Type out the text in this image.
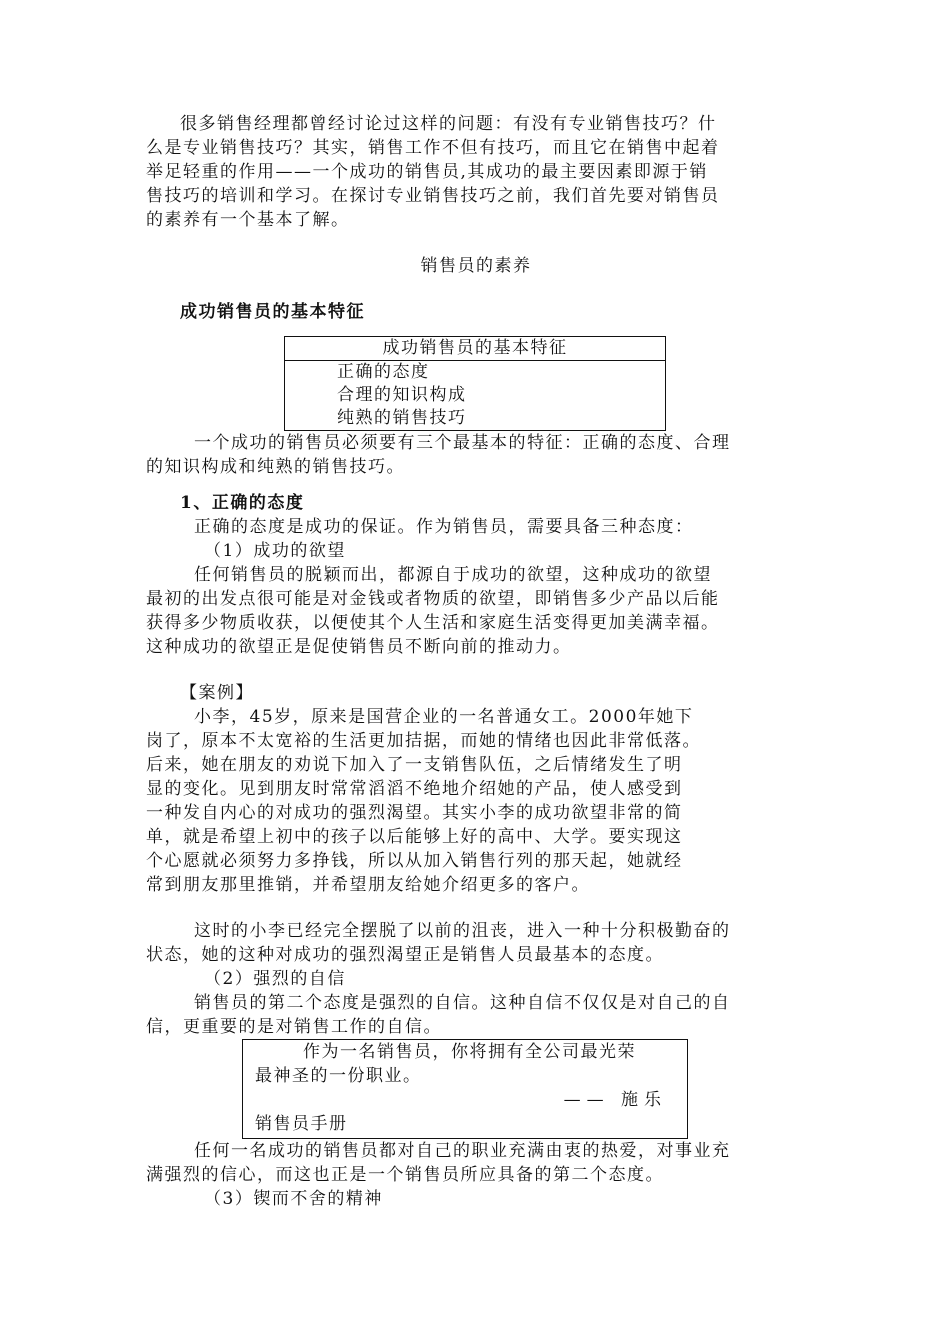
很多销售经理都曾经讨论过这样的问题：有没有专业销售技巧？什

么是专业销售技巧？其实，销售工作不但有技巧，而且它在销售中起着

举足轻重的作用——一个成功的销售员,其成功的最主要因素即源于销

售技巧的培训和学习。在探讨专业销售技巧之前，我们首先要对销售员

的素养有一个基本了解。

销售员的素养

成功销售员的基本特征

成功销售员的基本特征

正确的态度

合理的知识构成

纯熟的销售技巧

一个成功的销售员必须要有三个最基本的特征：正确的态度、合理

的知识构成和纯熟的销售技巧。

1、正确的态度

正确的态度是成功的保证。作为销售员，需要具备三种态度：

（1）成功的欲望

任何销售员的脱颖而出，都源自于成功的欲望，这种成功的欲望

最初的出发点很可能是对金钱或者物质的欲望，即销售多少产品以后能

获得多少物质收获，以便使其个人生活和家庭生活变得更加美满幸福。

这种成功的欲望正是促使销售员不断向前的推动力。

【案例】

小李，45岁，原来是国营企业的一名普通女工。2000年她下

岗了，原本不太宽裕的生活更加拮据，而她的情绪也因此非常低落。

后来，她在朋友的劝说下加入了一支销售队伍，之后情绪发生了明

显的变化。见到朋友时常常滔滔不绝地介绍她的产品，使人感受到

一种发自内心的对成功的强烈渴望。其实小李的成功欲望非常的简

单，就是希望上初中的孩子以后能够上好的高中、大学。要实现这

个心愿就必须努力多挣钱，所以从加入销售行列的那天起，她就经

常到朋友那里推销，并希望朋友给她介绍更多的客户。

这时的小李已经完全摆脱了以前的沮丧，进入一种十分积极勤奋的

状态，她的这种对成功的强烈渴望正是销售人员最基本的态度。

（2）强烈的自信

销售员的第二个态度是强烈的自信。这种自信不仅仅是对自己的自

信，更重要的是对销售工作的自信。

作为一名销售员，你将拥有全公司最光荣

最神圣的一份职业。

—— 施乐

销售员手册

任何一名成功的销售员都对自己的职业充满由衷的热爱，对事业充

满强烈的信心，而这也正是一个销售员所应具备的第二个态度。

（3）锲而不舍的精神
